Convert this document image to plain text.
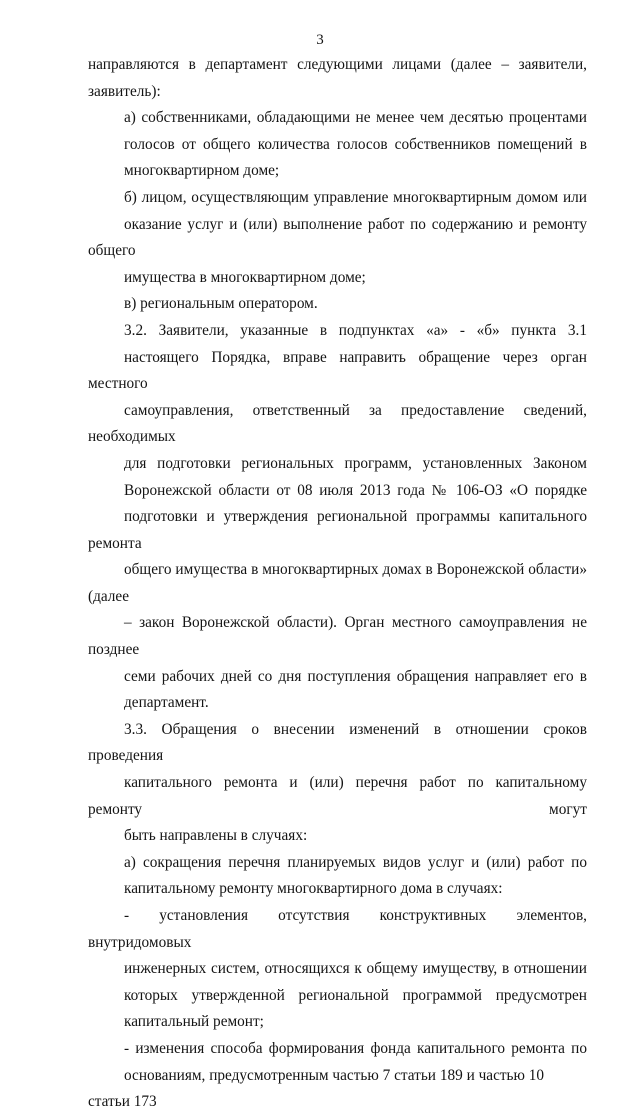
3

направляются в департамент следующими лицами (далее – заявители,
заявитель):

а) собственниками, обладающими не менее чем десятью процентами
голосов от общего количества голосов собственников помещений в
многоквартирном доме;

б) лицом, осуществляющим управление многоквартирным домом или
оказание услуг и (или) выполнение работ по содержанию и ремонту общего
имущества в многоквартирном доме;

в) региональным оператором.

3.2. Заявители, указанные в подпунктах «а» - «б» пункта 3.1
настоящего Порядка, вправе направить обращение через орган местного
самоуправления, ответственный за предоставление сведений, необходимых
для подготовки региональных программ, установленных Законом
Воронежской области от 08 июля 2013 года № 106-ОЗ «О порядке
подготовки и утверждения региональной программы капитального ремонта
общего имущества в многоквартирных домах в Воронежской области» (далее
– закон Воронежской области). Орган местного самоуправления не позднее
семи рабочих дней со дня поступления обращения направляет его в
департамент.

3.3. Обращения о внесении изменений в отношении сроков проведения
капитального ремонта и (или) перечня работ по капитальному ремонту могут
быть направлены в случаях:

а) сокращения перечня планируемых видов услуг и (или) работ по
капитальному ремонту многоквартирного дома в случаях:

- установления отсутствия конструктивных элементов, внутридомовых
инженерных систем, относящихся к общему имуществу, в отношении
которых утвержденной региональной программой предусмотрен
капитальный ремонт;

- изменения способа формирования фонда капитального ремонта по
основаниям, предусмотренным частью 7 статьи 189 и частью 10 статьи 173
